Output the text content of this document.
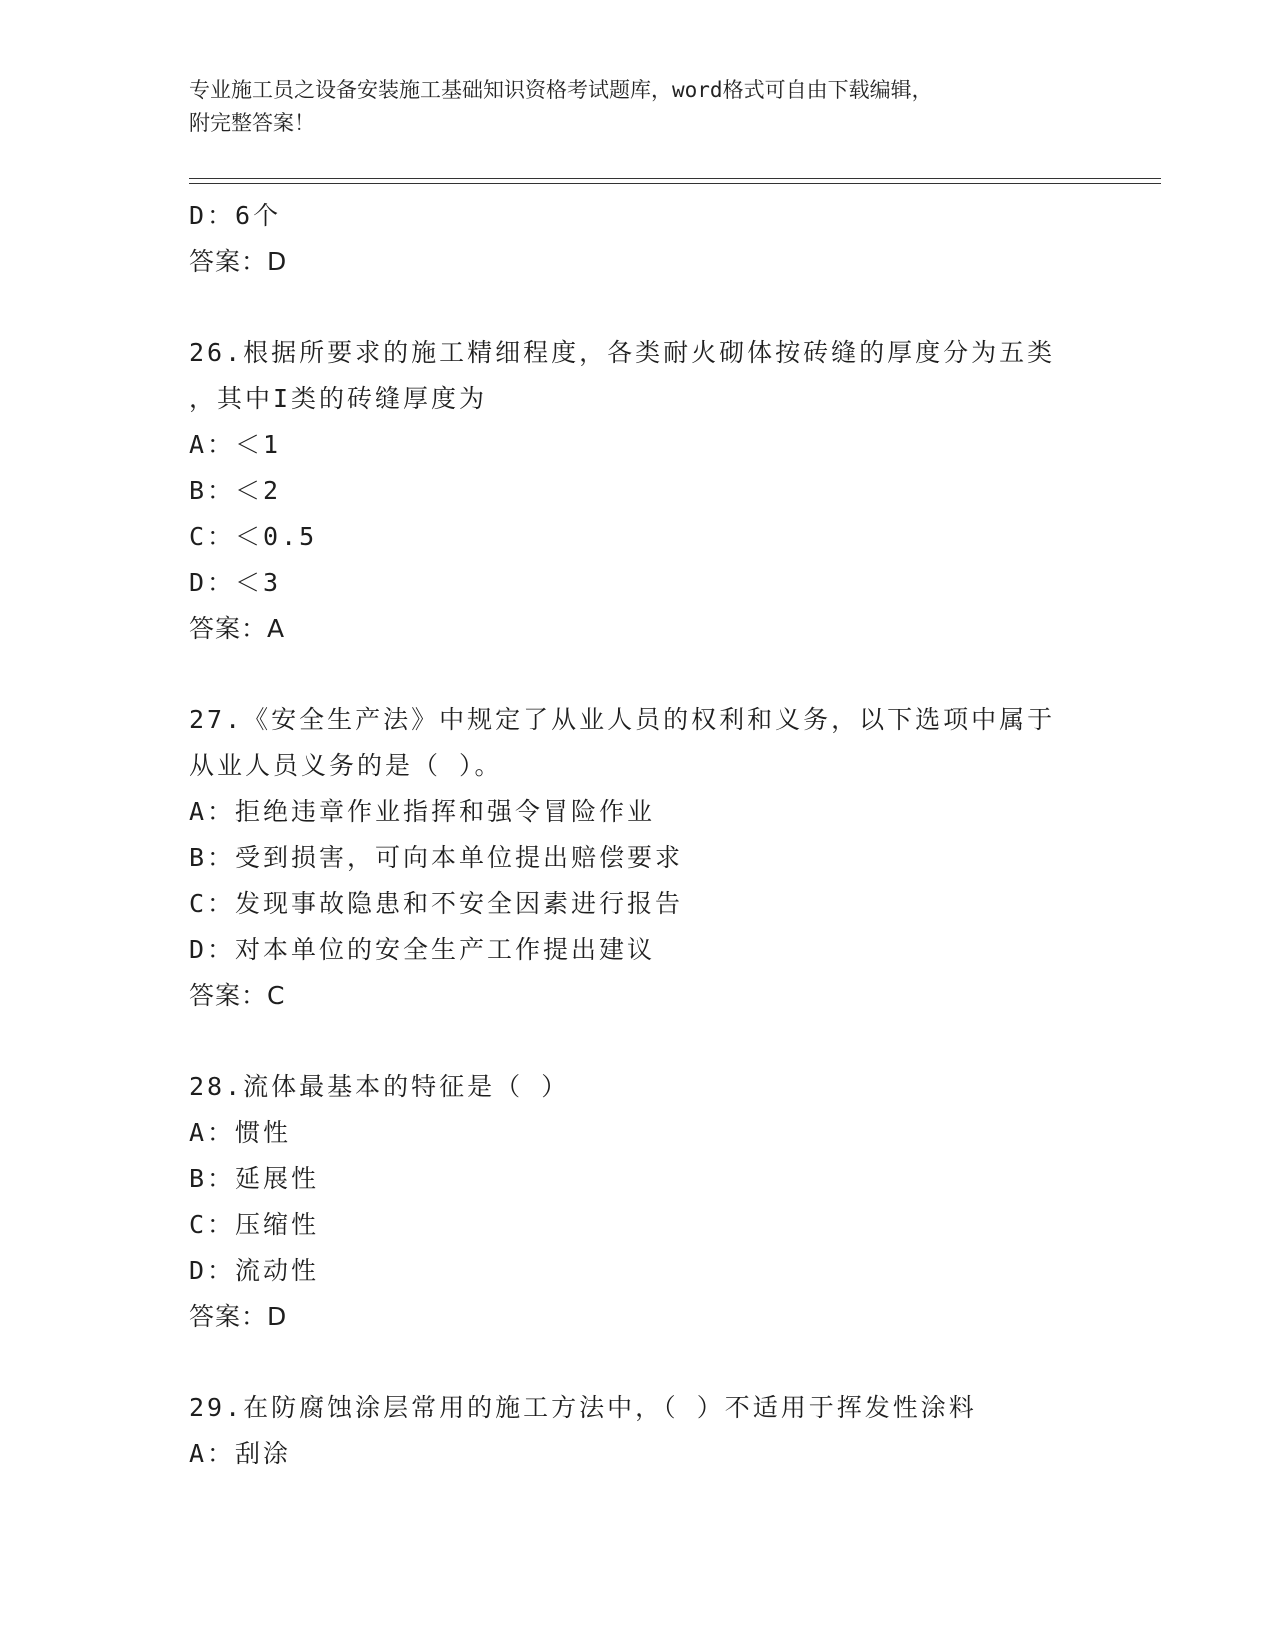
专业施工员之设备安装施工基础知识资格考试题库，word格式可自由下载编辑，
附完整答案！
D：6个
答案：D
26.根据所要求的施工精细程度，各类耐火砌体按砖缝的厚度分为五类
，其中I类的砖缝厚度为
A：＜1
B：＜2
C：＜0.5
D：＜3
答案：A
27.《安全生产法》中规定了从业人员的权利和义务，以下选项中属于
从业人员义务的是（ ）。
A：拒绝违章作业指挥和强令冒险作业
B：受到损害，可向本单位提出赔偿要求
C：发现事故隐患和不安全因素进行报告
D：对本单位的安全生产工作提出建议
答案：C
28.流体最基本的特征是（ ）
A：惯性
B：延展性
C：压缩性
D：流动性
答案：D
29.在防腐蚀涂层常用的施工方法中，（ ）不适用于挥发性涂料
A：刮涂
